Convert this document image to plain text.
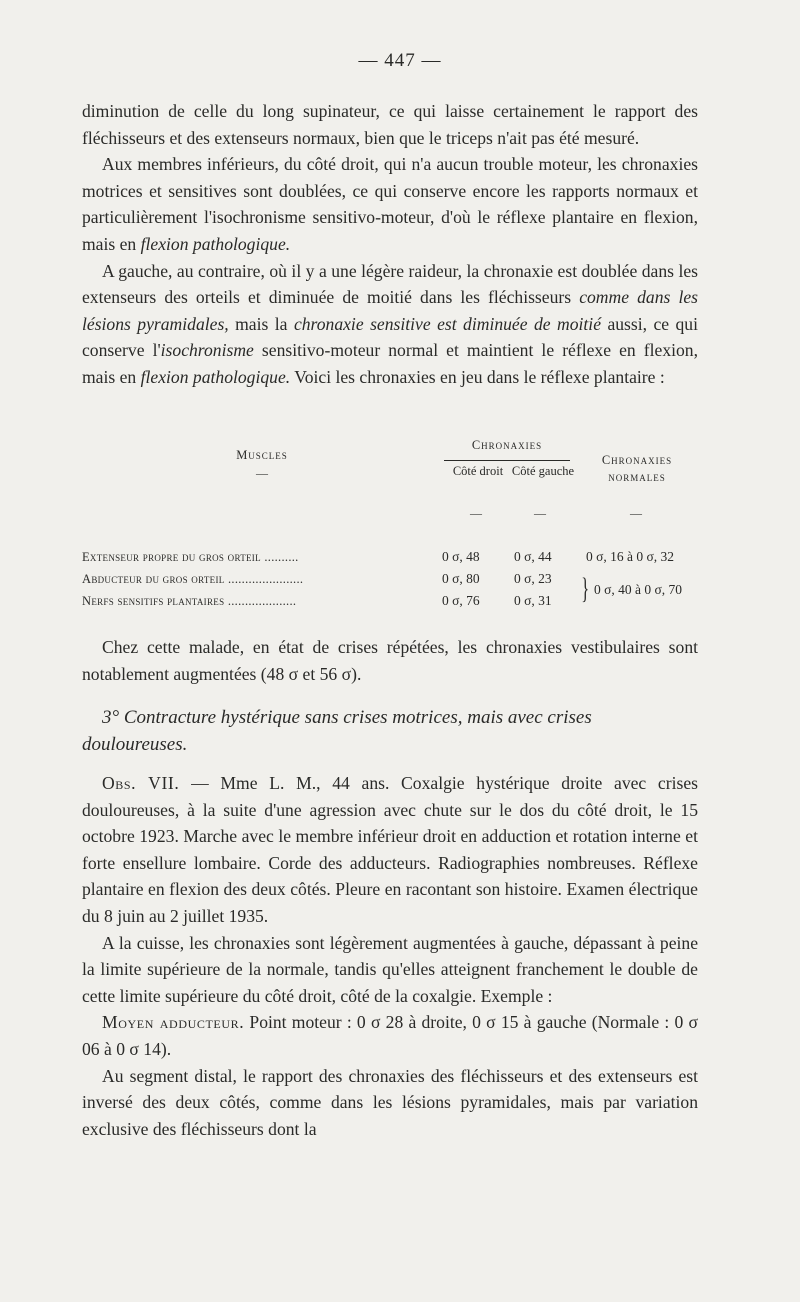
— 447 —

diminution de celle du long supinateur, ce qui laisse certainement le rapport des fléchisseurs et des extenseurs normaux, bien que le triceps n'ait pas été mesuré.

Aux membres inférieurs, du côté droit, qui n'a aucun trouble moteur, les chronaxies motrices et sensitives sont doublées, ce qui conserve encore les rapports normaux et particulièrement l'isochronisme sensitivo-moteur, d'où le réflexe plantaire en flexion, mais en flexion pathologique.

A gauche, au contraire, où il y a une légère raideur, la chronaxie est doublée dans les extenseurs des orteils et diminuée de moitié dans les fléchisseurs comme dans les lésions pyramidales, mais la chronaxie sensitive est diminuée de moitié aussi, ce qui conserve l'isochronisme sensitivo-moteur normal et maintient le réflexe en flexion, mais en flexion pathologique. Voici les chronaxies en jeu dans le réflexe plantaire :

Chronaxies
Muscles
—	Côté droit Côté gauche
Chronaxies normales
—	—	—
Extenseur propre du gros orteil ..........	0 σ, 48	0 σ, 44	0 σ, 16 à 0 σ, 32
Abducteur du gros orteil ......................	0 σ, 80	0 σ, 23
Nerfs sensitifs plantaires ....................	0 σ, 76	0 σ, 31 } 0 σ, 40 à 0 σ, 70

Chez cette malade, en état de crises répétées, les chronaxies vestibulaires sont notablement augmentées (48 σ et 56 σ).

3° Contracture hystérique sans crises motrices, mais avec crises douloureuses.

Obs. VII. — Mme L. M., 44 ans. Coxalgie hystérique droite avec crises douloureuses, à la suite d'une agression avec chute sur le dos du côté droit, le 15 octobre 1923. Marche avec le membre inférieur droit en adduction et rotation interne et forte ensellure lombaire. Corde des adducteurs. Radiographies nombreuses. Réflexe plantaire en flexion des deux côtés. Pleure en racontant son histoire. Examen électrique du 8 juin au 2 juillet 1935.

A la cuisse, les chronaxies sont légèrement augmentées à gauche, dépassant à peine la limite supérieure de la normale, tandis qu'elles atteignent franchement le double de cette limite supérieure du côté droit, côté de la coxalgie. Exemple :

Moyen adducteur. Point moteur : 0 σ 28 à droite, 0 σ 15 à gauche (Normale : 0 σ 06 à 0 σ 14).

Au segment distal, le rapport des chronaxies des fléchisseurs et des extenseurs est inversé des deux côtés, comme dans les lésions pyramidales, mais par variation exclusive des fléchisseurs dont la
